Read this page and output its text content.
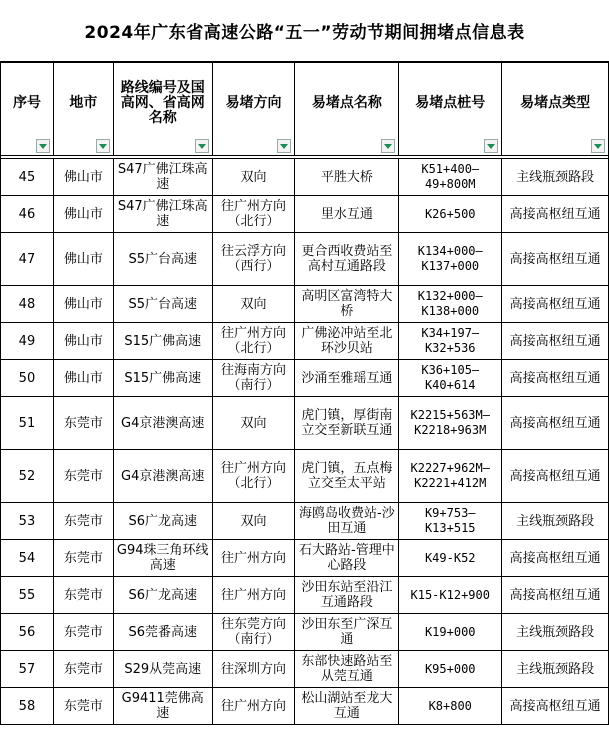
2024年广东省高速公路“五一”劳动节期间拥堵点信息表
序号	地市	路线编号及国高网、省高网名称	易堵方向	易堵点名称	易堵点桩号	易堵点类型

45	佛山市	S47广佛江珠高速	双向	平胜大桥	K51+400—49+800M	主线瓶颈路段
46	佛山市	S47广佛江珠高速	往广州方向（北行）	里水互通	K26+500	高接高枢纽互通
47	佛山市	S5广台高速	往云浮方向（西行）	更合西收费站至高村互通路段	K134+000—K137+000	高接高枢纽互通
48	佛山市	S5广台高速	双向	高明区富湾特大桥	K132+000—K138+000	高接高枢纽互通
49	佛山市	S15广佛高速	往广州方向（北行）	广佛泌冲站至北环沙贝站	K34+197—K32+536	高接高枢纽互通
50	佛山市	S15广佛高速	往海南方向（南行）	沙涌至雅瑶互通	K36+105—K40+614	高接高枢纽互通
51	东莞市	G4京港澳高速	双向	虎门镇，厚街南立交至新联互通	K2215+563M—K2218+963M	高接高枢纽互通
52	东莞市	G4京港澳高速	往广州方向（北行）	虎门镇，五点梅立交至太平站	K2227+962M—K2221+412M	高接高枢纽互通
53	东莞市	S6广龙高速	双向	海鸥岛收费站-沙田互通	K9+753—K13+515	主线瓶颈路段
54	东莞市	G94珠三角环线高速	往广州方向	石大路站-管理中心路段	K49-K52	高接高枢纽互通
55	东莞市	S6广龙高速	往广州方向	沙田东站至沿江互通路段	K15-K12+900	高接高枢纽互通
56	东莞市	S6莞番高速	往东莞方向（南行）	沙田东至广深互通	K19+000	主线瓶颈路段
57	东莞市	S29从莞高速	往深圳方向	东部快速路站至从莞互通	K95+000	主线瓶颈路段
58	东莞市	G9411莞佛高速	往广州方向	松山湖站至龙大互通	K8+800	高接高枢纽互通
